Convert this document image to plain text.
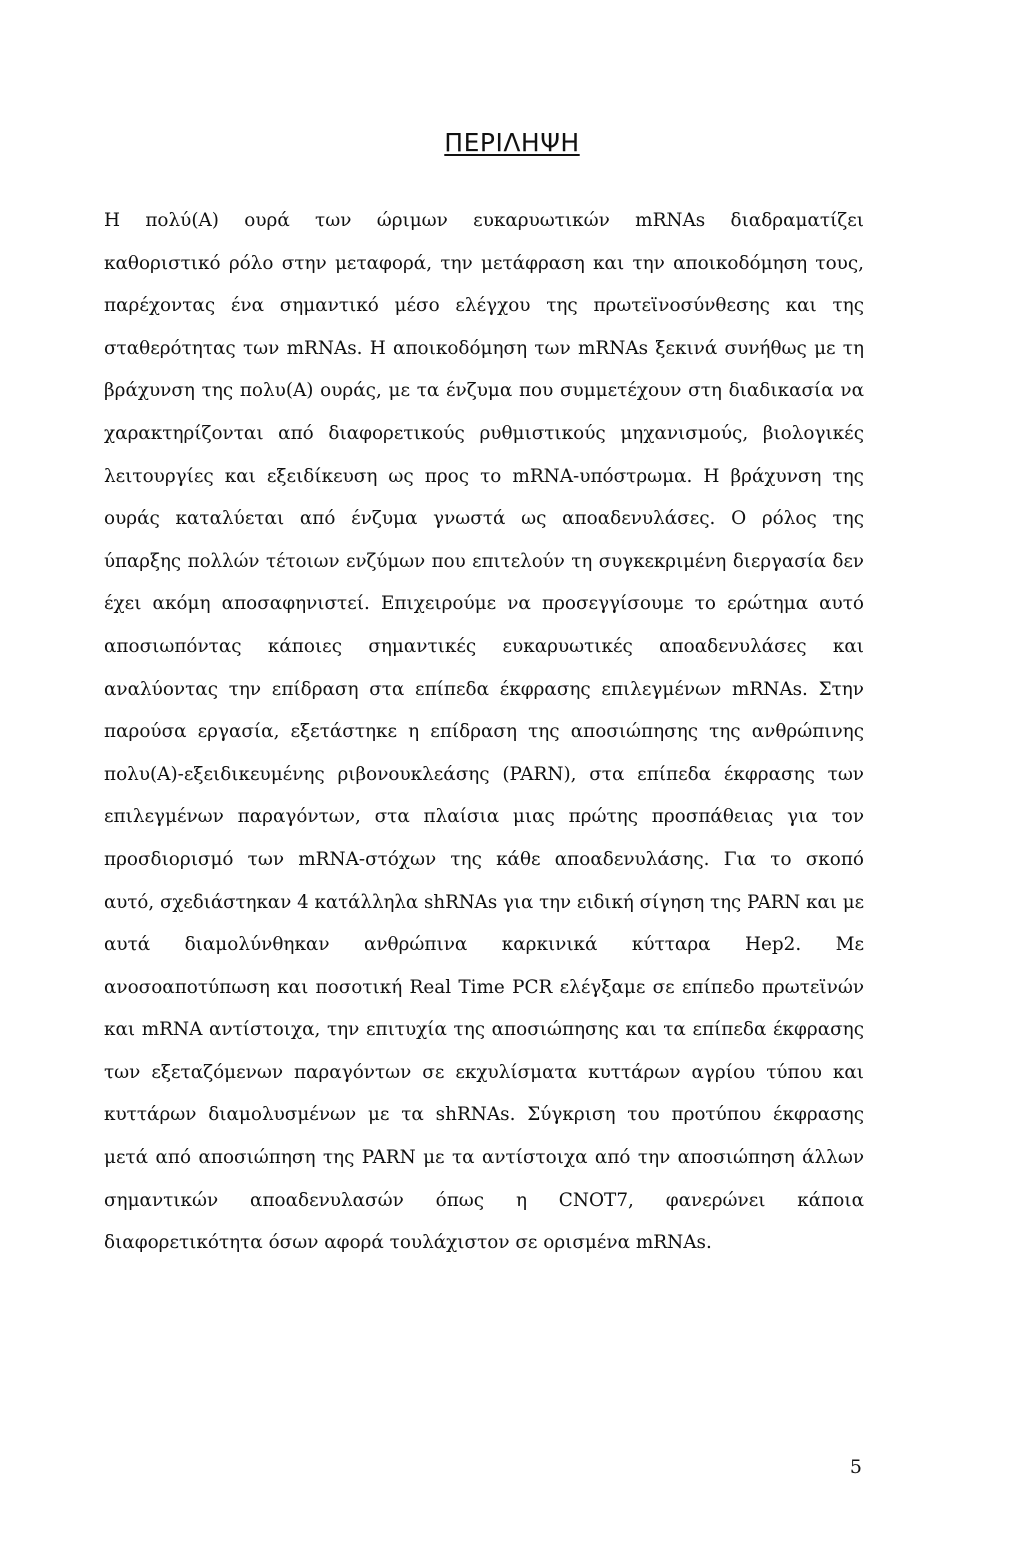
ΠΕΡΙΛΗΨΗ
Η πολύ(Α) ουρά των ώριμων ευκαρυωτικών mRNAs διαδραματίζει
καθοριστικό ρόλο στην μεταφορά, την μετάφραση και την αποικοδόμηση τους,
παρέχοντας ένα σημαντικό μέσο ελέγχου της πρωτεϊνοσύνθεσης και της
σταθερότητας των mRNAs. Η αποικοδόμηση των mRNAs ξεκινά συνήθως με τη
βράχυνση της πολυ(Α) ουράς, με τα ένζυμα που συμμετέχουν στη διαδικασία να
χαρακτηρίζονται από διαφορετικούς ρυθμιστικούς μηχανισμούς, βιολογικές
λειτουργίες και εξειδίκευση ως προς το mRNA-υπόστρωμα. Η βράχυνση της
ουράς καταλύεται από ένζυμα γνωστά ως αποαδενυλάσες. Ο ρόλος της
ύπαρξης πολλών τέτοιων ενζύμων που επιτελούν τη συγκεκριμένη διεργασία δεν
έχει ακόμη αποσαφηνιστεί. Επιχειρούμε να προσεγγίσουμε το ερώτημα αυτό
αποσιωπόντας κάποιες σημαντικές ευκαρυωτικές αποαδενυλάσες και
αναλύοντας την επίδραση στα επίπεδα έκφρασης επιλεγμένων mRNAs. Στην
παρούσα εργασία, εξετάστηκε η επίδραση της αποσιώπησης της ανθρώπινης
πολυ(Α)-εξειδικευμένης ριβονουκλεάσης (PARN), στα επίπεδα έκφρασης των
επιλεγμένων παραγόντων, στα πλαίσια μιας πρώτης προσπάθειας για τον
προσδιορισμό των mRNA-στόχων της κάθε αποαδενυλάσης. Για το σκοπό
αυτό, σχεδιάστηκαν 4 κατάλληλα shRNAs για την ειδική σίγηση της PARN και με
αυτά διαμολύνθηκαν ανθρώπινα καρκινικά κύτταρα Hep2. Με
ανοσοαποτύπωση και ποσοτική Real Time PCR ελέγξαμε σε επίπεδο πρωτεϊνών
και mRNA αντίστοιχα, την επιτυχία της αποσιώπησης και τα επίπεδα έκφρασης
των εξεταζόμενων παραγόντων σε εκχυλίσματα κυττάρων αγρίου τύπου και
κυττάρων διαμολυσμένων με τα shRNAs. Σύγκριση του προτύπου έκφρασης
μετά από αποσιώπηση της PARN με τα αντίστοιχα από την αποσιώπηση άλλων
σημαντικών αποαδενυλασών όπως η CNOT7, φανερώνει κάποια
διαφορετικότητα όσων αφορά τουλάχιστον σε ορισμένα mRNAs.
5
